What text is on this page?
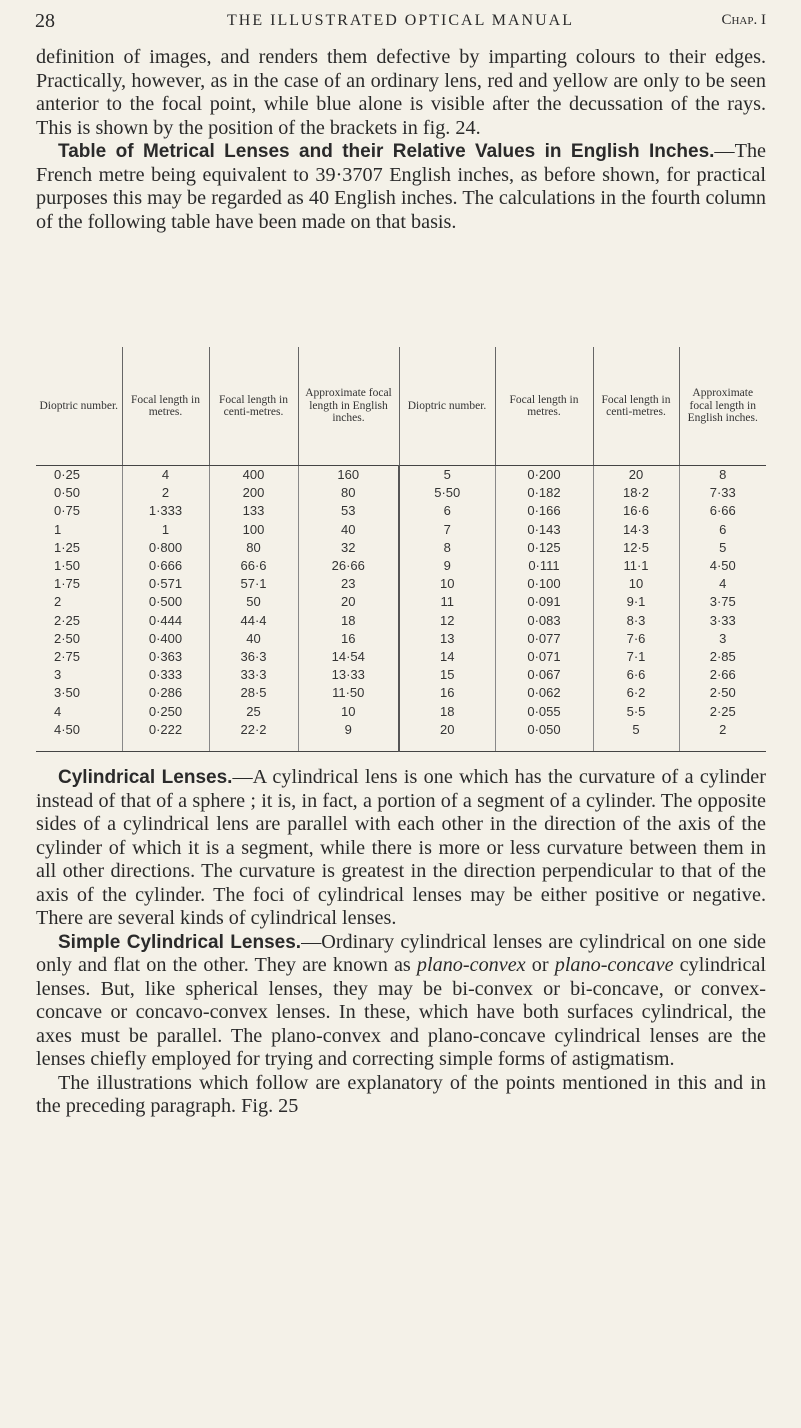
28	THE ILLUSTRATED OPTICAL MANUAL	Chap. I

definition of images, and renders them defective by imparting colours to their edges. Practically, however, as in the case of an ordinary lens, red and yellow are only to be seen anterior to the focal point, while blue alone is visible after the decussation of the rays. This is shown by the position of the brackets in fig. 24.

Table of Metrical Lenses and their Relative Values in English Inches.—The French metre being equivalent to 39·3707 English inches, as before shown, for practical purposes this may be regarded as 40 English inches. The calculations in the fourth column of the following table have been made on that basis.

Dioptric number.	Focal length in metres.	Focal length in centi-metres.	Approximate focal length in English inches.	Dioptric number.	Focal length in metres.	Focal length in centi-metres.	Approximate focal length in English inches.
0·25	4	400	160	5	0·200	20	8
0·50	2	200	80	5·50	0·182	18·2	7·33
0·75	1·333	133	53	6	0·166	16·6	6·66
1	1	100	40	7	0·143	14·3	6
1·25	0·800	80	32	8	0·125	12·5	5
1·50	0·666	66·6	26·66	9	0·111	11·1	4·50
1·75	0·571	57·1	23	10	0·100	10	4
2	0·500	50	20	11	0·091	9·1	3·75
2·25	0·444	44·4	18	12	0·083	8·3	3·33
2·50	0·400	40	16	13	0·077	7·6	3
2·75	0·363	36·3	14·54	14	0·071	7·1	2·85
3	0·333	33·3	13·33	15	0·067	6·6	2·66
3·50	0·286	28·5	11·50	16	0·062	6·2	2·50
4	0·250	25	10	18	0·055	5·5	2·25
4·50	0·222	22·2	9	20	0·050	5	2

Cylindrical Lenses.—A cylindrical lens is one which has the curvature of a cylinder instead of that of a sphere ; it is, in fact, a portion of a segment of a cylinder. The opposite sides of a cylindrical lens are parallel with each other in the direction of the axis of the cylinder of which it is a segment, while there is more or less curvature between them in all other directions. The curvature is greatest in the direction perpendicular to that of the axis of the cylinder. The foci of cylindrical lenses may be either positive or negative. There are several kinds of cylindrical lenses.

Simple Cylindrical Lenses.—Ordinary cylindrical lenses are cylindrical on one side only and flat on the other. They are known as plano-convex or plano-concave cylindrical lenses. But, like spherical lenses, they may be bi-convex or bi-concave, or convex-concave or concavo-convex lenses. In these, which have both surfaces cylindrical, the axes must be parallel. The plano-convex and plano-concave cylindrical lenses are the lenses chiefly employed for trying and correcting simple forms of astigmatism.

The illustrations which follow are explanatory of the points mentioned in this and in the preceding paragraph. Fig. 25
